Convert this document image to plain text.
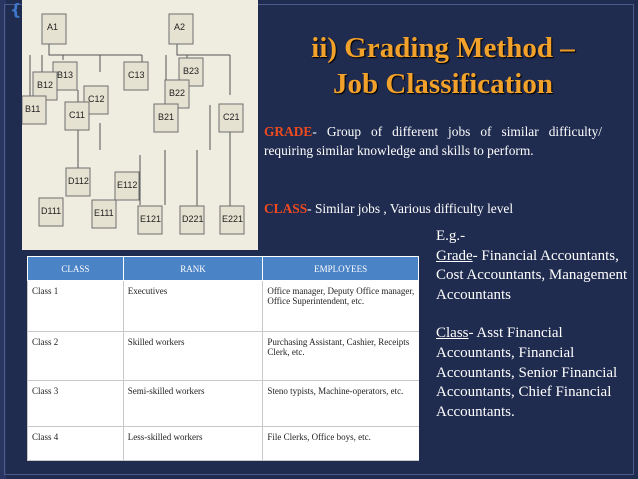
{
A1	A2
B13	C13
B12
C12
B11
C11
B23
B22
B21	C21
D112	E112
D111	E111
E121 D221 E221
ii) Grading Method –
Job Classification
GRADE- Group of different jobs of similar difficulty/ requiring similar knowledge and skills to perform.
CLASS- Similar jobs , Various difficulty level
CLASS	RANK	EMPLOYEES
Class 1	Executives	Office manager, Deputy Office manager, Office Superintendent, etc.
Class 2	Skilled workers	Purchasing Assistant, Cashier, Receipts Clerk, etc.
Class 3	Semi-skilled workers	Steno typists, Machine-operators, etc.
Class 4	Less-skilled workers	File Clerks, Office boys, etc.

E.g.-
Grade- Financial Accountants, Cost Accountants, Management Accountants

Class- Asst Financial Accountants, Financial Accountants, Senior Financial Accountants, Chief Financial Accountants.
